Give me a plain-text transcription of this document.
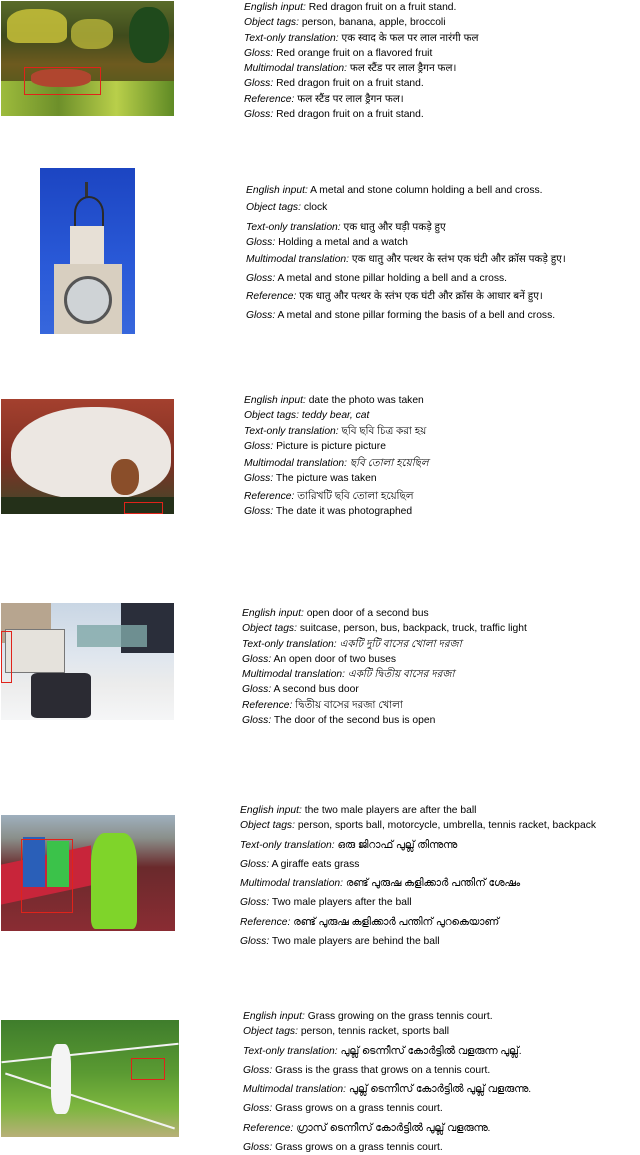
English input: Red dragon fruit on a fruit stand.
Object tags: person, banana, apple, broccoli
Text-only translation: एक स्वाद के फल पर लाल नारंगी फल
Gloss: Red orange fruit on a flavored fruit
Multimodal translation: फल स्टैंड पर लाल ड्रैगन फल।
Gloss: Red dragon fruit on a fruit stand.
Reference: फल स्टैंड पर लाल ड्रैगन फल।
Gloss: Red dragon fruit on a fruit stand.
English input: A metal and stone column holding a bell and cross.
Object tags: clock
Text-only translation: एक धातु और घड़ी पकड़े हुए
Gloss: Holding a metal and a watch
Multimodal translation: एक धातु और पत्थर के स्तंभ एक घंटी और क्रॉस पकड़े हुए।
Gloss: A metal and stone pillar holding a bell and a cross.
Reference: एक धातु और पत्थर के स्तंभ एक घंटी और क्रॉस के आधार बनें हुए।
Gloss: A metal and stone pillar forming the basis of a bell and cross.
English input: date the photo was taken
Object tags: teddy bear, cat
Text-only translation: ছবি ছবি চিত্র করা হয়
Gloss: Picture is picture picture
Multimodal translation: ছবি তোলা হয়েছিল
Gloss: The picture was taken
Reference: তারিখটি ছবি তোলা হয়েছিল
Gloss: The date it was photographed
English input: open door of a second bus
Object tags: suitcase, person, bus, backpack, truck, traffic light
Text-only translation: একটি দুটি বাসের খোলা দরজা
Gloss: An open door of two buses
Multimodal translation: একটি দ্বিতীয় বাসের দরজা
Gloss: A second bus door
Reference: দ্বিতীয় বাসের দরজা খোলা
Gloss: The door of the second bus is open
English input: the two male players are after the ball
Object tags: person, sports ball, motorcycle, umbrella, tennis racket, backpack
Text-only translation: ഒരു ജിറാഫ് പുല്ല് തിന്നുന്നു
Gloss: A giraffe eats grass
Multimodal translation: രണ്ട് പുരുഷ കളിക്കാർ പന്തിന് ശേഷം
Gloss: Two male players after the ball
Reference: രണ്ട് പുരുഷ കളിക്കാർ പന്തിന് പുറകെയാണ്
Gloss: Two male players are behind the ball
English input: Grass growing on the grass tennis court.
Object tags: person, tennis racket, sports ball
Text-only translation: പുല്ല് ടെന്നീസ് കോർട്ടിൽ വളരുന്ന പുല്ല്.
Gloss: Grass is the grass that grows on a tennis court.
Multimodal translation: പുല്ല് ടെന്നീസ് കോർട്ടിൽ പുല്ല് വളരുന്നു.
Gloss: Grass grows on a grass tennis court.
Reference: ഗ്രാസ് ടെന്നീസ് കോർട്ടിൽ പുല്ല് വളരുന്നു.
Gloss: Grass grows on a grass tennis court.
